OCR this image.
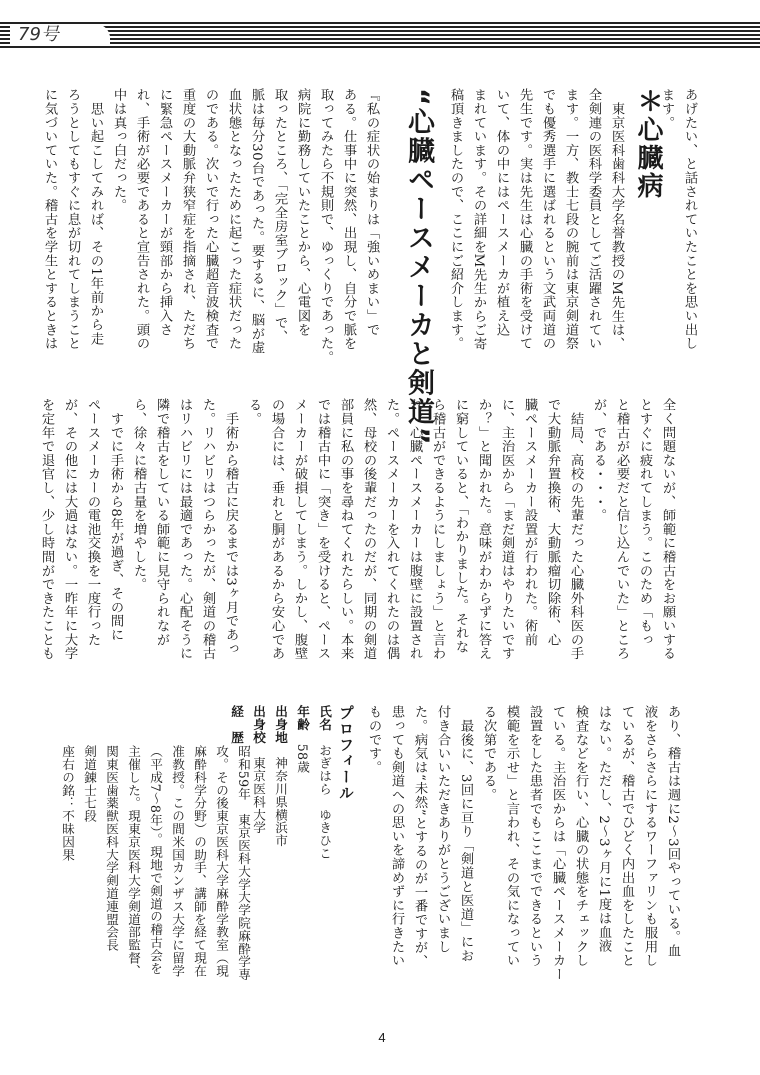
79号
あげたい、と話されていたことを思い出し
ます。
＊心臓病
　東京医科歯科大学名誉教授のM先生は、
全剣連の医科学委員としてご活躍されてい
ます。一方、教士七段の腕前は東京剣道祭
でも優秀選手に選ばれるという文武両道の
先生です。実は先生は心臓の手術を受けて
いて、体の中にはペースメーカが植え込
まれています。その詳細をM先生からご寄
稿頂きましたので、ここにご紹介します。
“心臓ペースメーカと剣道”
『私の症状の始まりは「強いめまい」で
ある。仕事中に突然、出現し、自分で脈を
取ってみたら不規則で、ゆっくりであった。
病院に勤務していたことから、心電図を
取ったところ、「完全房室ブロック」で、
脈は毎分30台であった。要するに、脳が虚
血状態となったために起こった症状だった
のである。次いで行った心臓超音波検査で
重度の大動脈弁狭窄症を指摘され、ただち
に緊急ペースメーカーが頸部から挿入さ
れ、手術が必要であると宣告された。頭の
中は真っ白だった。
　思い起こしてみれば、その1年前から走
ろうとしてもすぐに息が切れてしまうこと
に気づいていた。稽古を学生とするときは
全く問題ないが、師範に稽古をお願いする
とすぐに疲れてしまう。このため「もっ
と稽古が必要だと信じ込んでいた」ところ
が、である・・・。
　結局、高校の先輩だった心臓外科医の手
で大動脈弁置換術、大動脈瘤切除術、心
臓ペースメーカー設置が行われた。術前
に、主治医から「まだ剣道はやりたいです
か？」と聞かれた。意味がわからずに答え
に窮していると、「わかりました。それな
ら稽古ができるようにしましょう」と言わ
れ、心臓ペースメーカーは腹壁に設置され
た。ペースメーカーを入れてくれたのは偶
然、母校の後輩だったのだが、同期の剣道
部員に私の事を尋ねてくれたらしい。本来
では稽古中に「突き」を受けると、ペース
メーカーが破損してしまう。しかし、腹壁
の場合には、垂れと胴があるから安心であ
る。
　手術から稽古に戻るまでは3ヶ月であっ
た。リハビリはつらかったが、剣道の稽古
はリハビリには最適であった。心配そうに
隣で稽古をしている師範に見守られなが
ら、徐々に稽古量を増やした。
　すでに手術から8年が過ぎ、その間に
ペースメーカーの電池交換を一度行った
が、その他には大過はない。一昨年に大学
を定年で退官し、少し時間ができたことも
あり、稽古は週に2〜3回やっている。血
液をさらさらにするワーファリンも服用し
ているが、稽古でひどく内出血をしたこと
はない。ただし、2〜3ヶ月に1度は血液
検査などを行い、心臓の状態をチェックし
ている。主治医からは「心臓ペースメーカー
設置をした患者でもここまでできるという
模範を示せ」と言われ、その気になってい
る次第である。
　最後に、3回に亘り「剣道と医道」にお
付き合いいただきありがとうございまし
た。病気は“未然”とするのが一番ですが、
患っても剣道への思いを諦めずに行きたい
ものです。
プロフィール
氏名　おぎはら　ゆきひこ
年齢　58歳
出身地　神奈川県横浜市
出身校　東京医科大学
経　歴
昭和59年　東京医科大学大学院麻酔学専
攻。その後東京医科大学麻酔学教室（現
麻酔科学分野）の助手、講師を経て現在
准教授。この間米国カンザス大学に留学
（平成7〜8年）。現地で剣道の稽古会を
主催した。現東京医科大学剣道部監督、
関東医歯薬獣医科大学剣道連盟会長
剣道錬士七段
座右の銘：不昧因果
4
